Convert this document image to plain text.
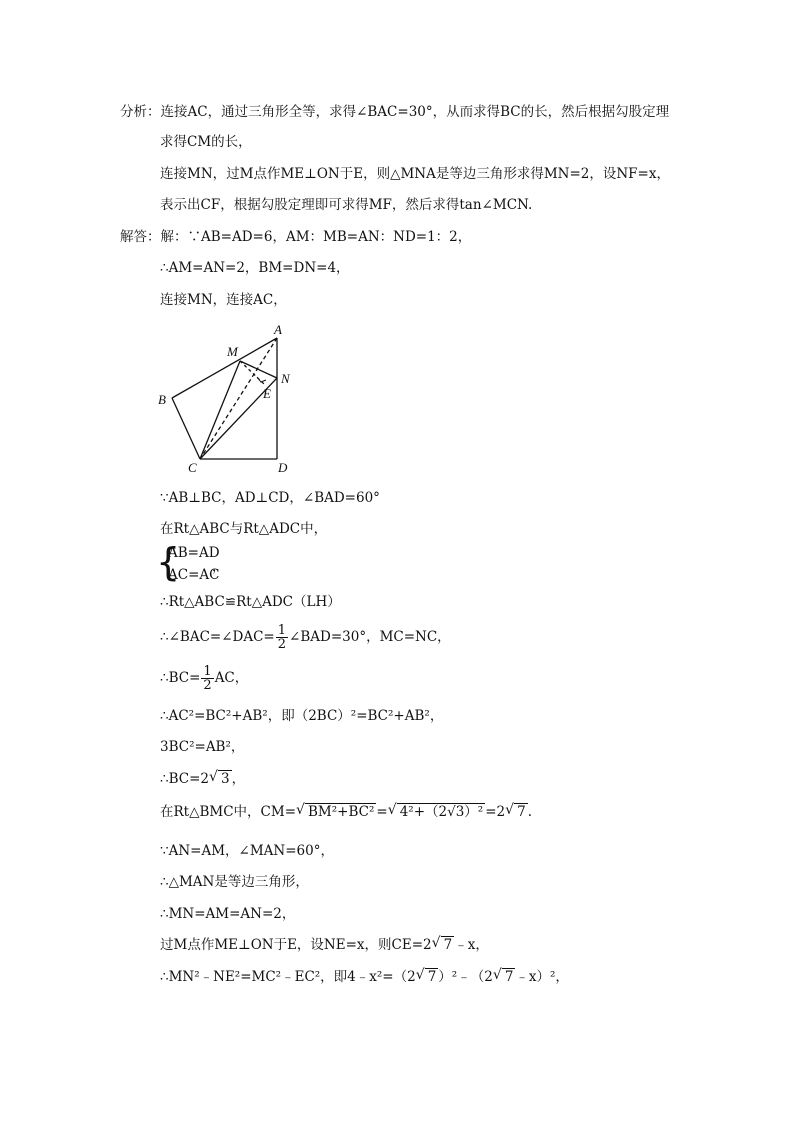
分析：连接AC，通过三角形全等，求得∠BAC=30°，从而求得BC的长，然后根据勾股定理
求得CM的长，
连接MN，过M点作ME⊥ON于E，则△MNA是等边三角形求得MN=2，设NF=x，
表示出CF，根据勾股定理即可求得MF，然后求得tan∠MCN.
解答：解：∵AB=AD=6，AM：MB=AN：ND=1：2，
∴AM=AN=2，BM=DN=4，
连接MN，连接AC，
A
M
N
E
B
C	D
∵AB⊥BC，AD⊥CD，∠BAD=60°
在Rt△ABC与Rt△ADC中，
{
AB=AD
AC=AC
，
∴Rt△ABC≌Rt△ADC（LH）
∴∠BAC=∠DAC= $\frac{1}{2}$ ∠BAD=30°，MC=NC，
∴BC= $\frac{1}{2}$ AC，
∴AC²=BC²+AB²，即（2BC）²=BC²+AB²，
3BC²=AB²，
∴BC=2 √ 3 ，
在Rt△BMC中，CM= √ BM²+BC² = √ 4²+（2√3）² =2 √ 7 .
∵AN=AM，∠MAN=60°，
∴△MAN是等边三角形，
∴MN=AM=AN=2，
过M点作ME⊥ON于E，设NE=x，则CE=2 √ 7 ﹣x，
∴MN²﹣NE²=MC²﹣EC²，即4﹣x²=（2 √ 7 ）²﹣（2 √ 7 ﹣x）²，
